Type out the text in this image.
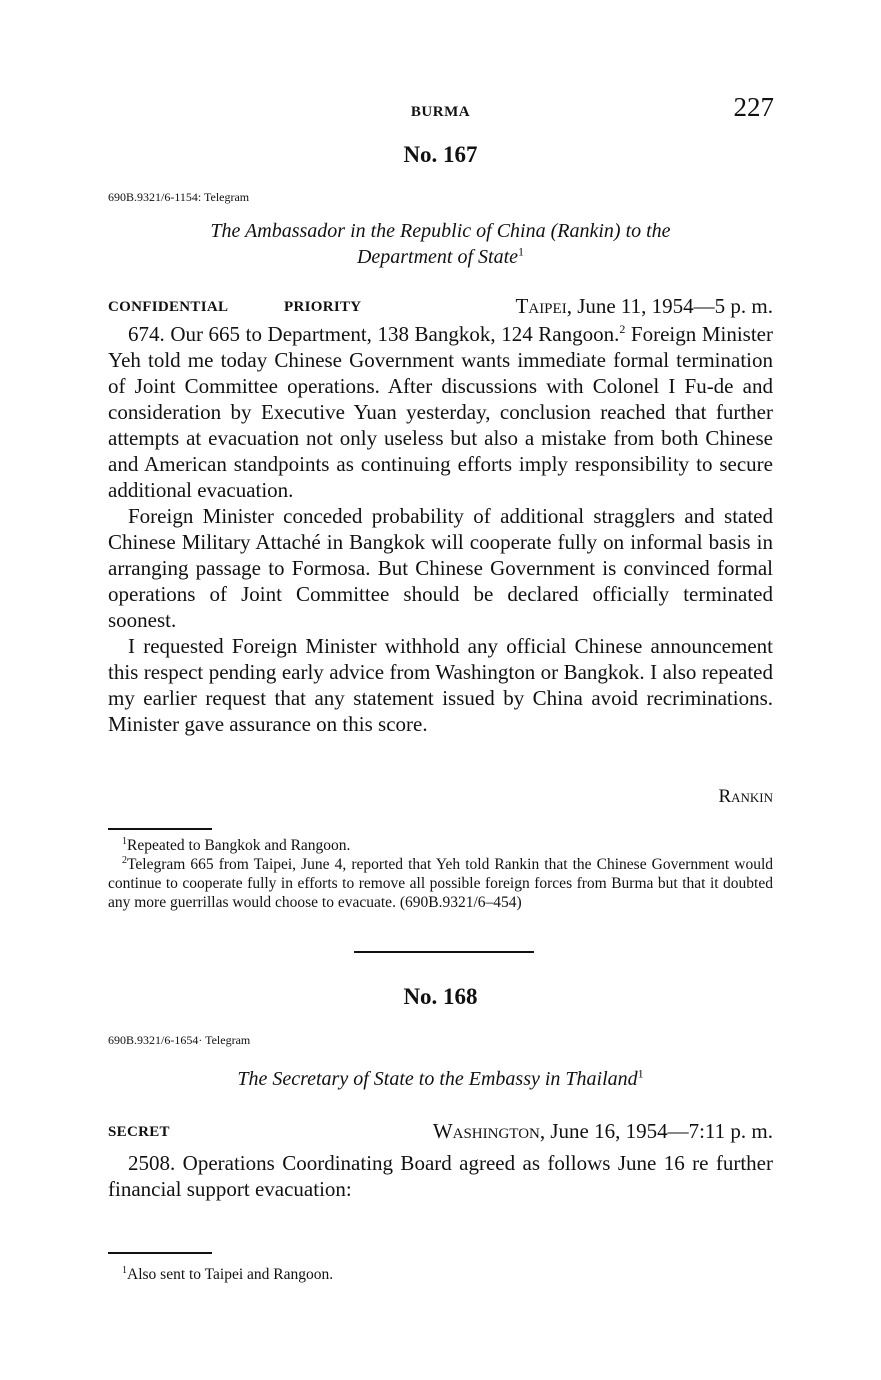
BURMA	227
No. 167
690B.9321/6-1154: Telegram
The Ambassador in the Republic of China (Rankin) to the
Department of State$^1$
CONFIDENTIAL	PRIORITY	Taipei, June 11, 1954—5 p. m.

674. Our 665 to Department, 138 Bangkok, 124 Rangoon.$^2$ Foreign Minister Yeh told me today Chinese Government wants immediate formal termination of Joint Committee operations. After discussions with Colonel I Fu-de and consideration by Executive Yuan yesterday, conclusion reached that further attempts at evacuation not only useless but also a mistake from both Chinese and American standpoints as continuing efforts imply responsibility to secure additional evacuation.

Foreign Minister conceded probability of additional stragglers and stated Chinese Military Attaché in Bangkok will cooperate fully on informal basis in arranging passage to Formosa. But Chinese Government is convinced formal operations of Joint Committee should be declared officially terminated soonest.

I requested Foreign Minister withhold any official Chinese announcement this respect pending early advice from Washington or Bangkok. I also repeated my earlier request that any statement issued by China avoid recriminations. Minister gave assurance on this score.

Rankin

$^1$Repeated to Bangkok and Rangoon.

$^2$Telegram 665 from Taipei, June 4, reported that Yeh told Rankin that the Chinese Government would continue to cooperate fully in efforts to remove all possible foreign forces from Burma but that it doubted any more guerrillas would choose to evacuate. (690B.9321/6–454)

No. 168
690B.9321/6-1654· Telegram
The Secretary of State to the Embassy in Thailand$^1$
SECRET	Washington, June 16, 1954—7:11 p. m.

2508. Operations Coordinating Board agreed as follows June 16 re further financial support evacuation:

$^1$Also sent to Taipei and Rangoon.
